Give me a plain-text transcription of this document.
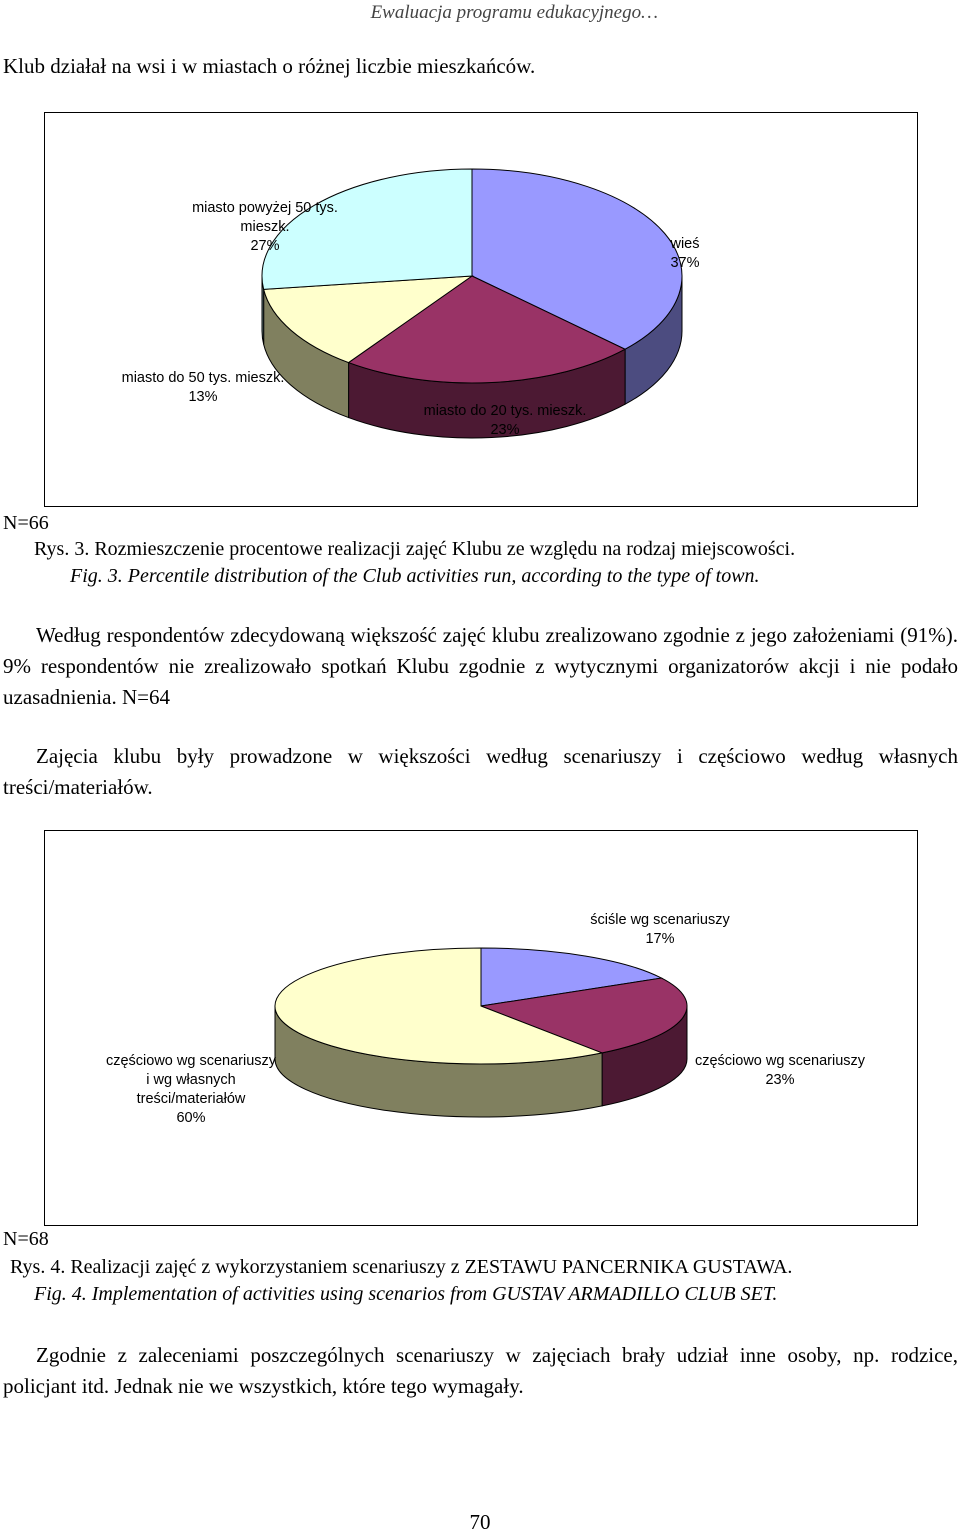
Ewaluacja programu edukacyjnego…
Klub działał na wsi i w miastach o różnej liczbie mieszkańców.
miasto powyżej 50 tys.
mieszk.
27%	wieś
37%
miasto do 50 tys. mieszk.
13%
miasto do 20 tys. mieszk.
23%
N=66
Rys. 3. Rozmieszczenie procentowe realizacji zajęć Klubu ze względu na rodzaj miejscowości.
Fig. 3. Percentile distribution of the Club activities run, according to the type of town.
Według respondentów zdecydowaną większość zajęć klubu zrealizowano zgodnie z jego założeniami (91%). 9% respondentów nie zrealizowało spotkań Klubu zgodnie z wytycznymi organizatorów akcji i nie podało uzasadnienia. N=64
Zajęcia klubu były prowadzone w większości według scenariuszy i częściowo według własnych treści/materiałów.
ściśle wg scenariuszy
17%
częściowo wg scenariuszy
23%
częściowo wg scenariuszy
i wg własnych
treści/materiałów
60%
N=68
Rys. 4. Realizacji zajęć z wykorzystaniem scenariuszy z ZESTAWU PANCERNIKA GUSTAWA.
Fig. 4. Implementation of activities using scenarios from GUSTAV ARMADILLO CLUB SET.
Zgodnie z zaleceniami poszczególnych scenariuszy w zajęciach brały udział inne osoby, np. rodzice, policjant itd. Jednak nie we wszystkich, które tego wymagały.
70
